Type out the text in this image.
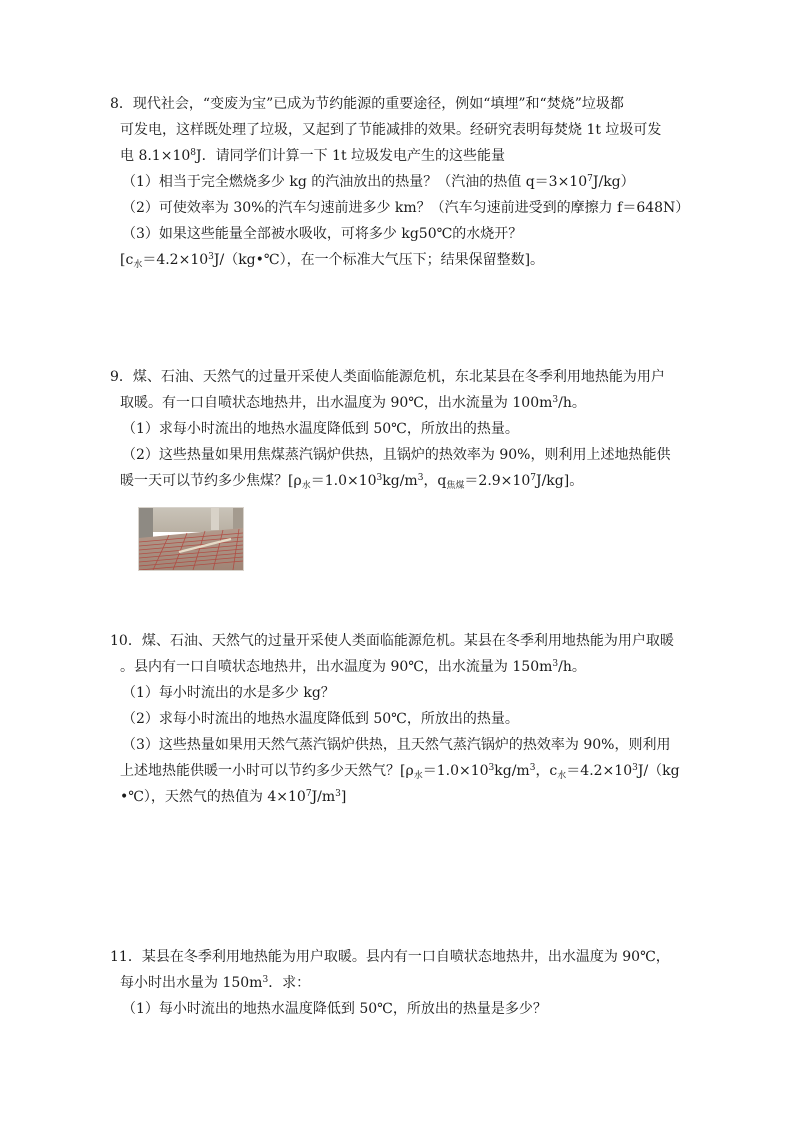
8．现代社会，“变废为宝”已成为节约能源的重要途径，例如“填埋”和“焚烧”垃圾都
可发电，这样既处理了垃圾，又起到了节能减排的效果。经研究表明每焚烧 1t 垃圾可发
电 $8.1\times 10^8J$．请同学们计算一下 1t 垃圾发电产生的这些能量
（1）相当于完全燃烧多少 kg 的汽油放出的热量？（汽油的热值 $q=3\times 10^7J/kg$）
（2）可使效率为 30%的汽车匀速前进多少 km？（汽车匀速前进受到的摩擦力 f＝648N）
（3）如果这些能量全部被水吸收，可将多少 kg50℃的水烧开？
[$c_水=4.2\times 10^3J/(kg•℃)$，在一个标准大气压下；结果保留整数]。
9．煤、石油、天然气的过量开采使人类面临能源危机，东北某县在冬季利用地热能为用户
取暖。有一口自喷状态地热井，出水温度为 90℃，出水流量为 $100m^3/h$。
（1）求每小时流出的地热水温度降低到 50℃，所放出的热量。
（2）这些热量如果用焦煤蒸汽锅炉供热，且锅炉的热效率为 90%，则利用上述地热能供
暖一天可以节约多少焦煤？[$\rho_水=1.0\times 10^3kg/m^3$，$q_{焦煤}=2.9\times 10^7J/kg$]。
10．煤、石油、天然气的过量开采使人类面临能源危机。某县在冬季利用地热能为用户取暖
。县内有一口自喷状态地热井，出水温度为 90℃，出水流量为 $150m^3/h$。
（1）每小时流出的水是多少 kg？
（2）求每小时流出的地热水温度降低到 50℃，所放出的热量。
（3）这些热量如果用天然气蒸汽锅炉供热，且天然气蒸汽锅炉的热效率为 90%，则利用
上述地热能供暖一小时可以节约多少天然气？[$\rho_水=1.0\times 10^3kg/m^3$，$c_水=4.2\times 10^3J/(kg$
•℃），天然气的热值为 $4\times 10^7J/m^3$]
11．某县在冬季利用地热能为用户取暖。县内有一口自喷状态地热井，出水温度为 90℃，
每小时出水量为 $150m^3$．求：
（1）每小时流出的地热水温度降低到 50℃，所放出的热量是多少？
